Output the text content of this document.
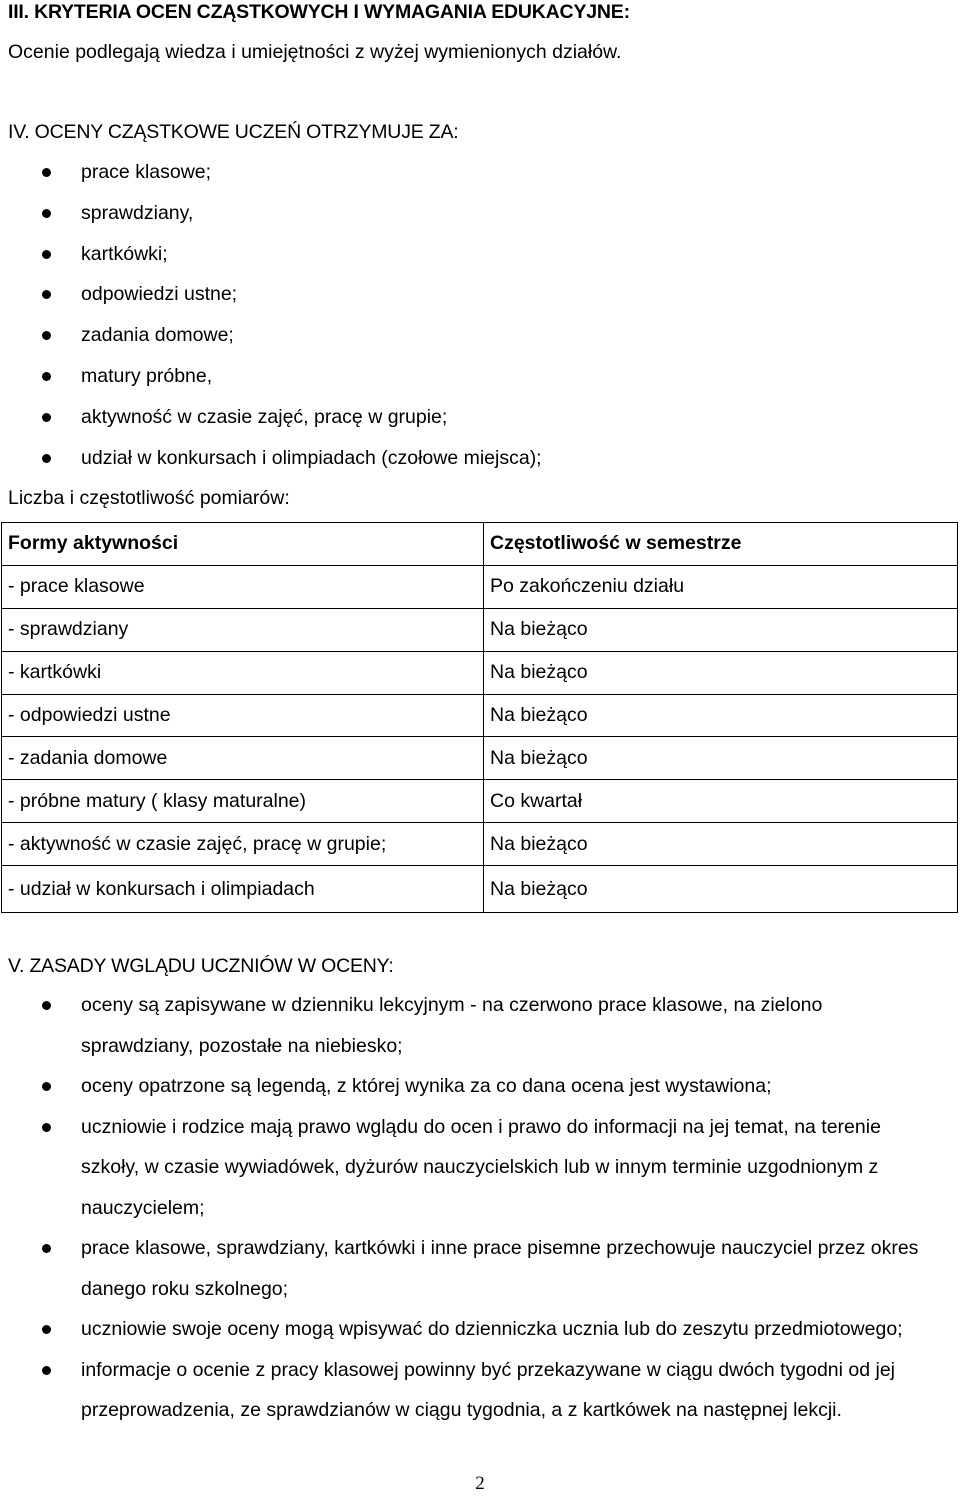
III. KRYTERIA OCEN CZĄSTKOWYCH I WYMAGANIA EDUKACYJNE:
Ocenie podlegają wiedza i umiejętności z wyżej wymienionych działów.
IV. OCENY CZĄSTKOWE UCZEŃ OTRZYMUJE ZA:
prace klasowe;
sprawdziany,
kartkówki;
odpowiedzi ustne;
zadania domowe;
matury próbne,
aktywność w czasie zajęć, pracę w grupie;
udział w konkursach i olimpiadach (czołowe miejsca);
Liczba i częstotliwość pomiarów:
Formy aktywności	Częstotliwość w semestrze
- prace klasowe	Po zakończeniu działu
- sprawdziany	Na bieżąco
- kartkówki	Na bieżąco
- odpowiedzi ustne	Na bieżąco
- zadania domowe	Na bieżąco
- próbne matury ( klasy maturalne)	Co kwartał
- aktywność w czasie zajęć, pracę w grupie;	Na bieżąco
- udział w konkursach i olimpiadach	Na bieżąco
V. ZASADY WGLĄDU UCZNIÓW W OCENY:
oceny są zapisywane w dzienniku lekcyjnym - na czerwono prace klasowe, na zielono sprawdziany, pozostałe na niebiesko;
oceny opatrzone są legendą, z której wynika za co dana ocena jest wystawiona;
uczniowie i rodzice mają prawo wglądu do ocen i prawo do informacji na jej temat, na terenie szkoły, w czasie wywiadówek, dyżurów nauczycielskich lub w innym terminie uzgodnionym z nauczycielem;
prace klasowe, sprawdziany, kartkówki i inne prace pisemne przechowuje nauczyciel przez okres danego roku szkolnego;
uczniowie swoje oceny mogą wpisywać do dzienniczka ucznia lub do zeszytu przedmiotowego;
informacje o ocenie z pracy klasowej powinny być przekazywane w ciągu dwóch tygodni od jej przeprowadzenia, ze sprawdzianów w ciągu tygodnia, a z kartkówek na następnej lekcji.
2
